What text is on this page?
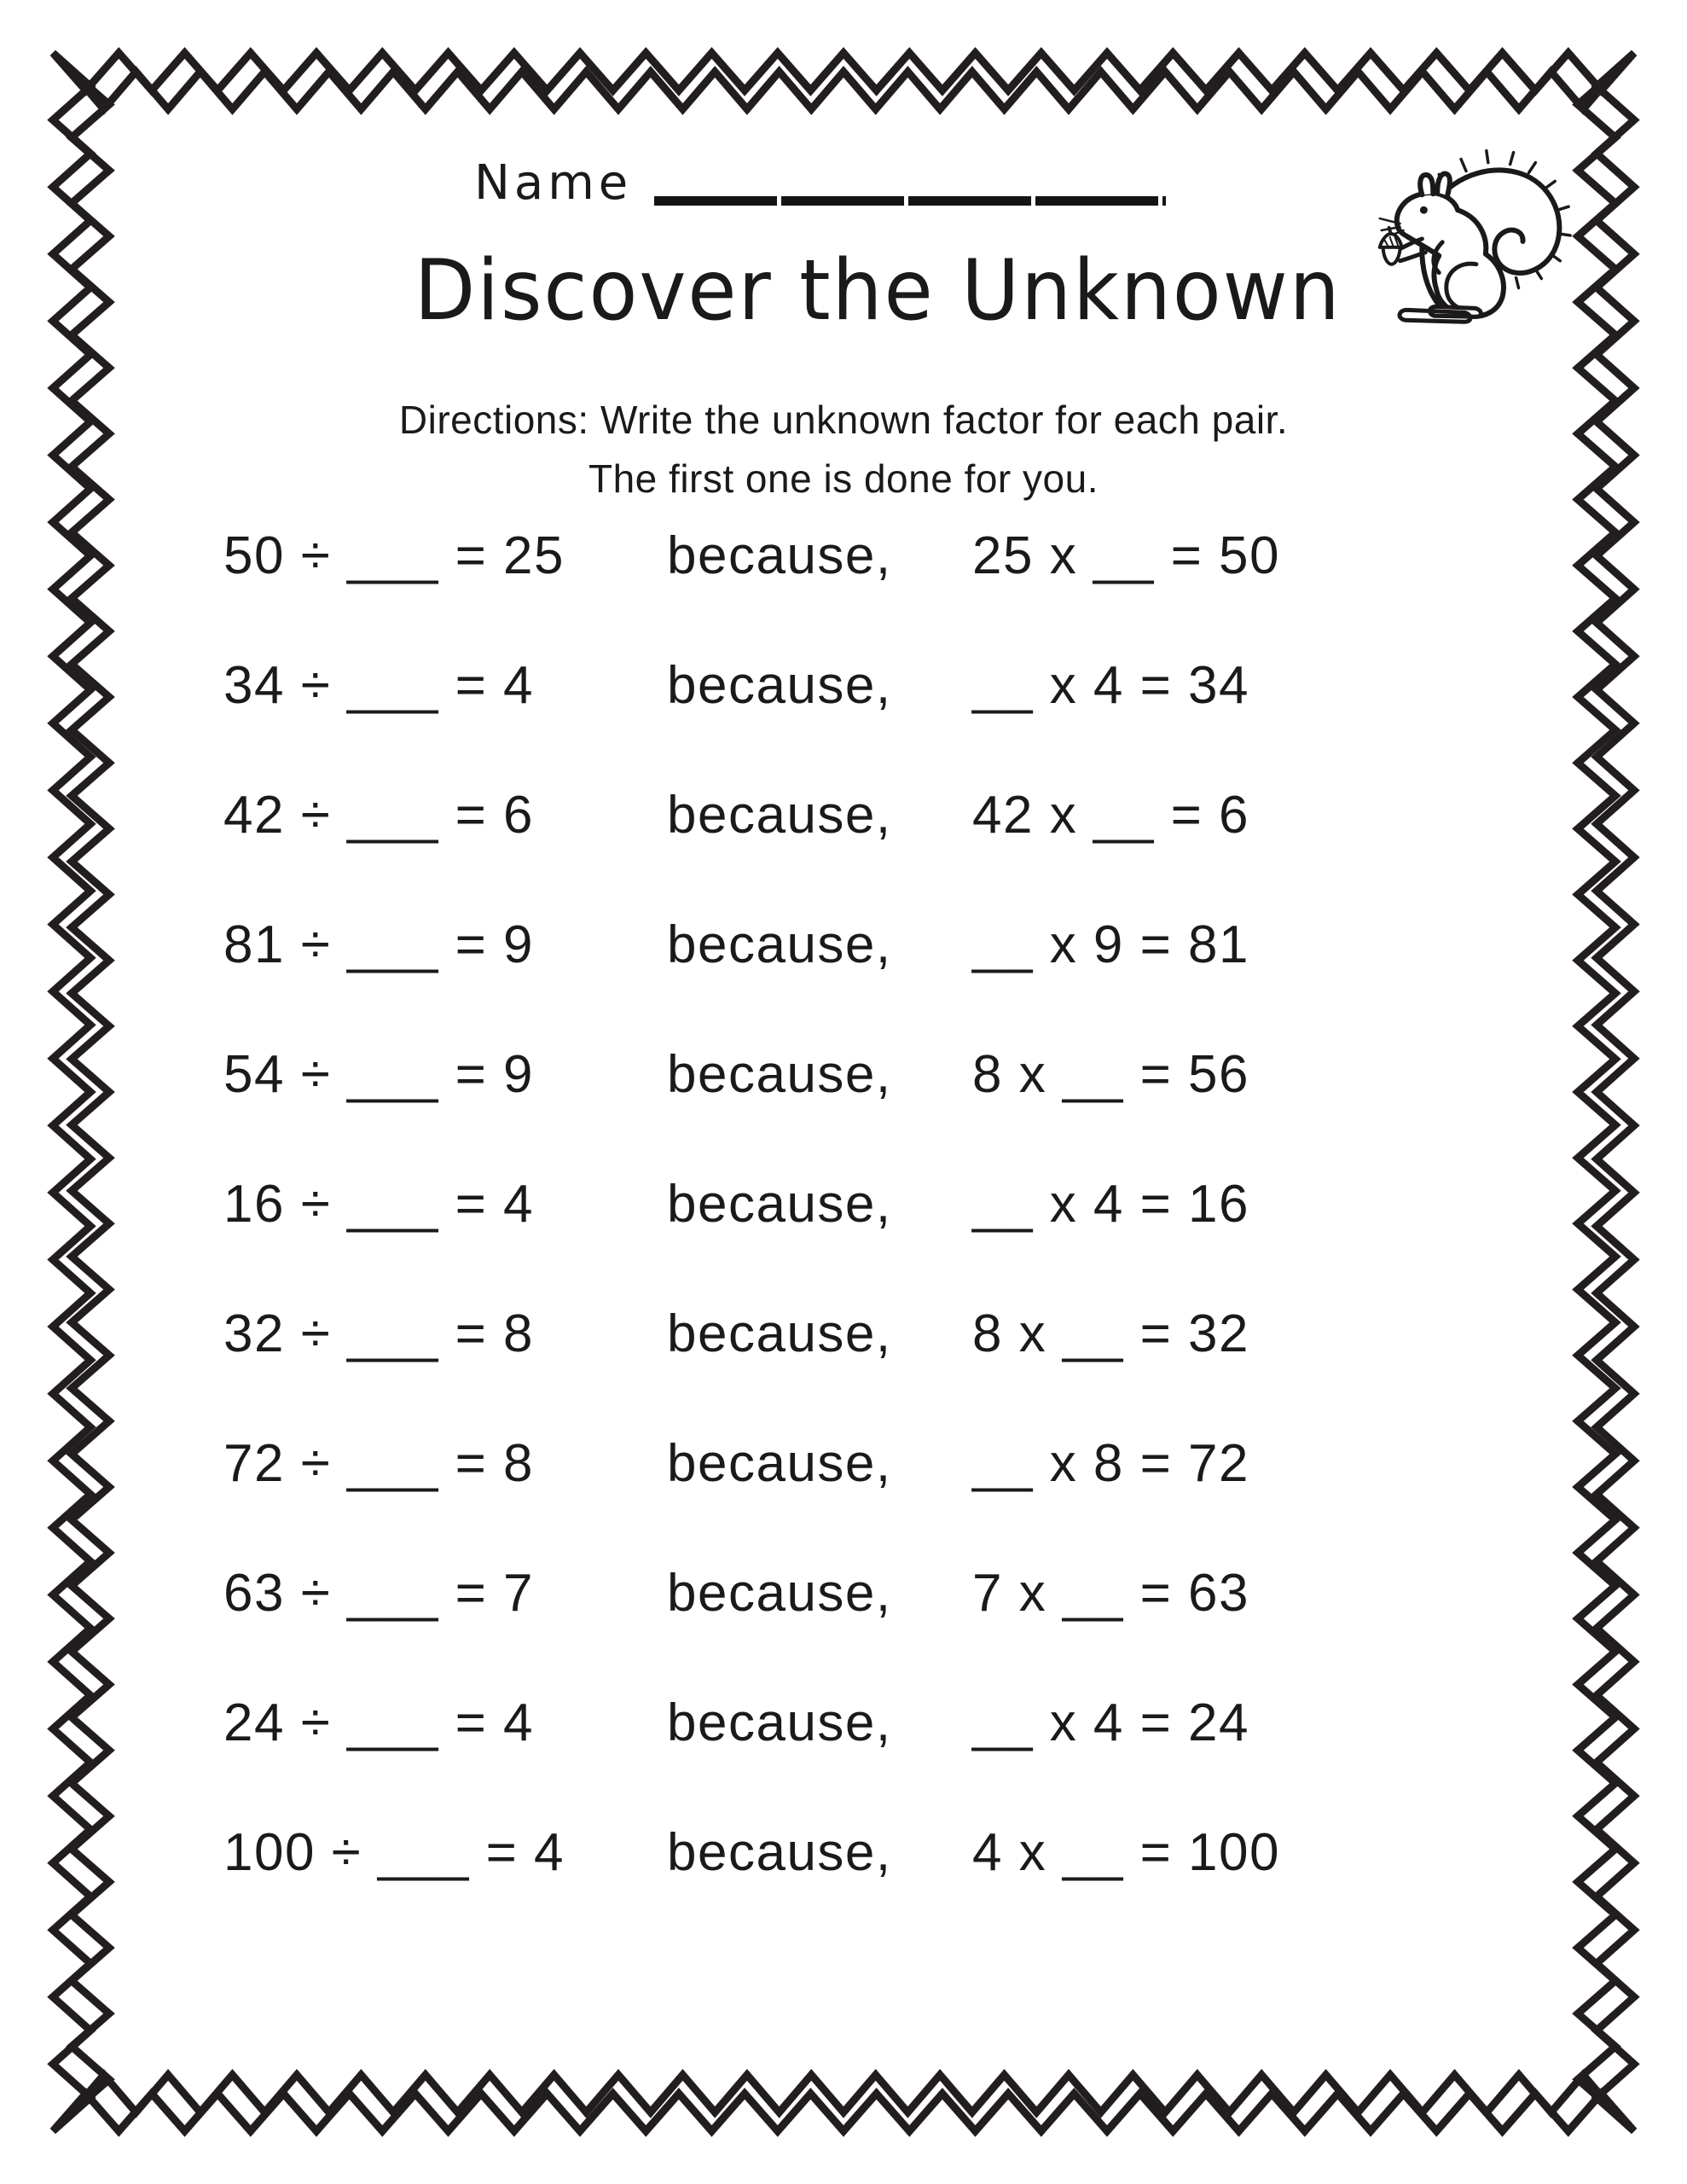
Name
Discover the Unknown
Directions: Write the unknown factor for each pair.
The first one is done for you.
50 ÷ ___ = 25	because,	25 x __ = 50
34 ÷ ___ = 4	because,	__ x 4 = 34
42 ÷ ___ = 6	because,	42 x __ = 6
81 ÷ ___ = 9	because,	__ x 9 = 81
54 ÷ ___ = 9	because,	8 x __ = 56
16 ÷ ___ = 4	because,	__ x 4 = 16
32 ÷ ___ = 8	because,	8 x __ = 32
72 ÷ ___ = 8	because,	__ x 8 = 72
63 ÷ ___ = 7	because,	7 x __ = 63
24 ÷ ___ = 4	because,	__ x 4 = 24
100 ÷ ___ = 4	because,	4 x __ = 100
